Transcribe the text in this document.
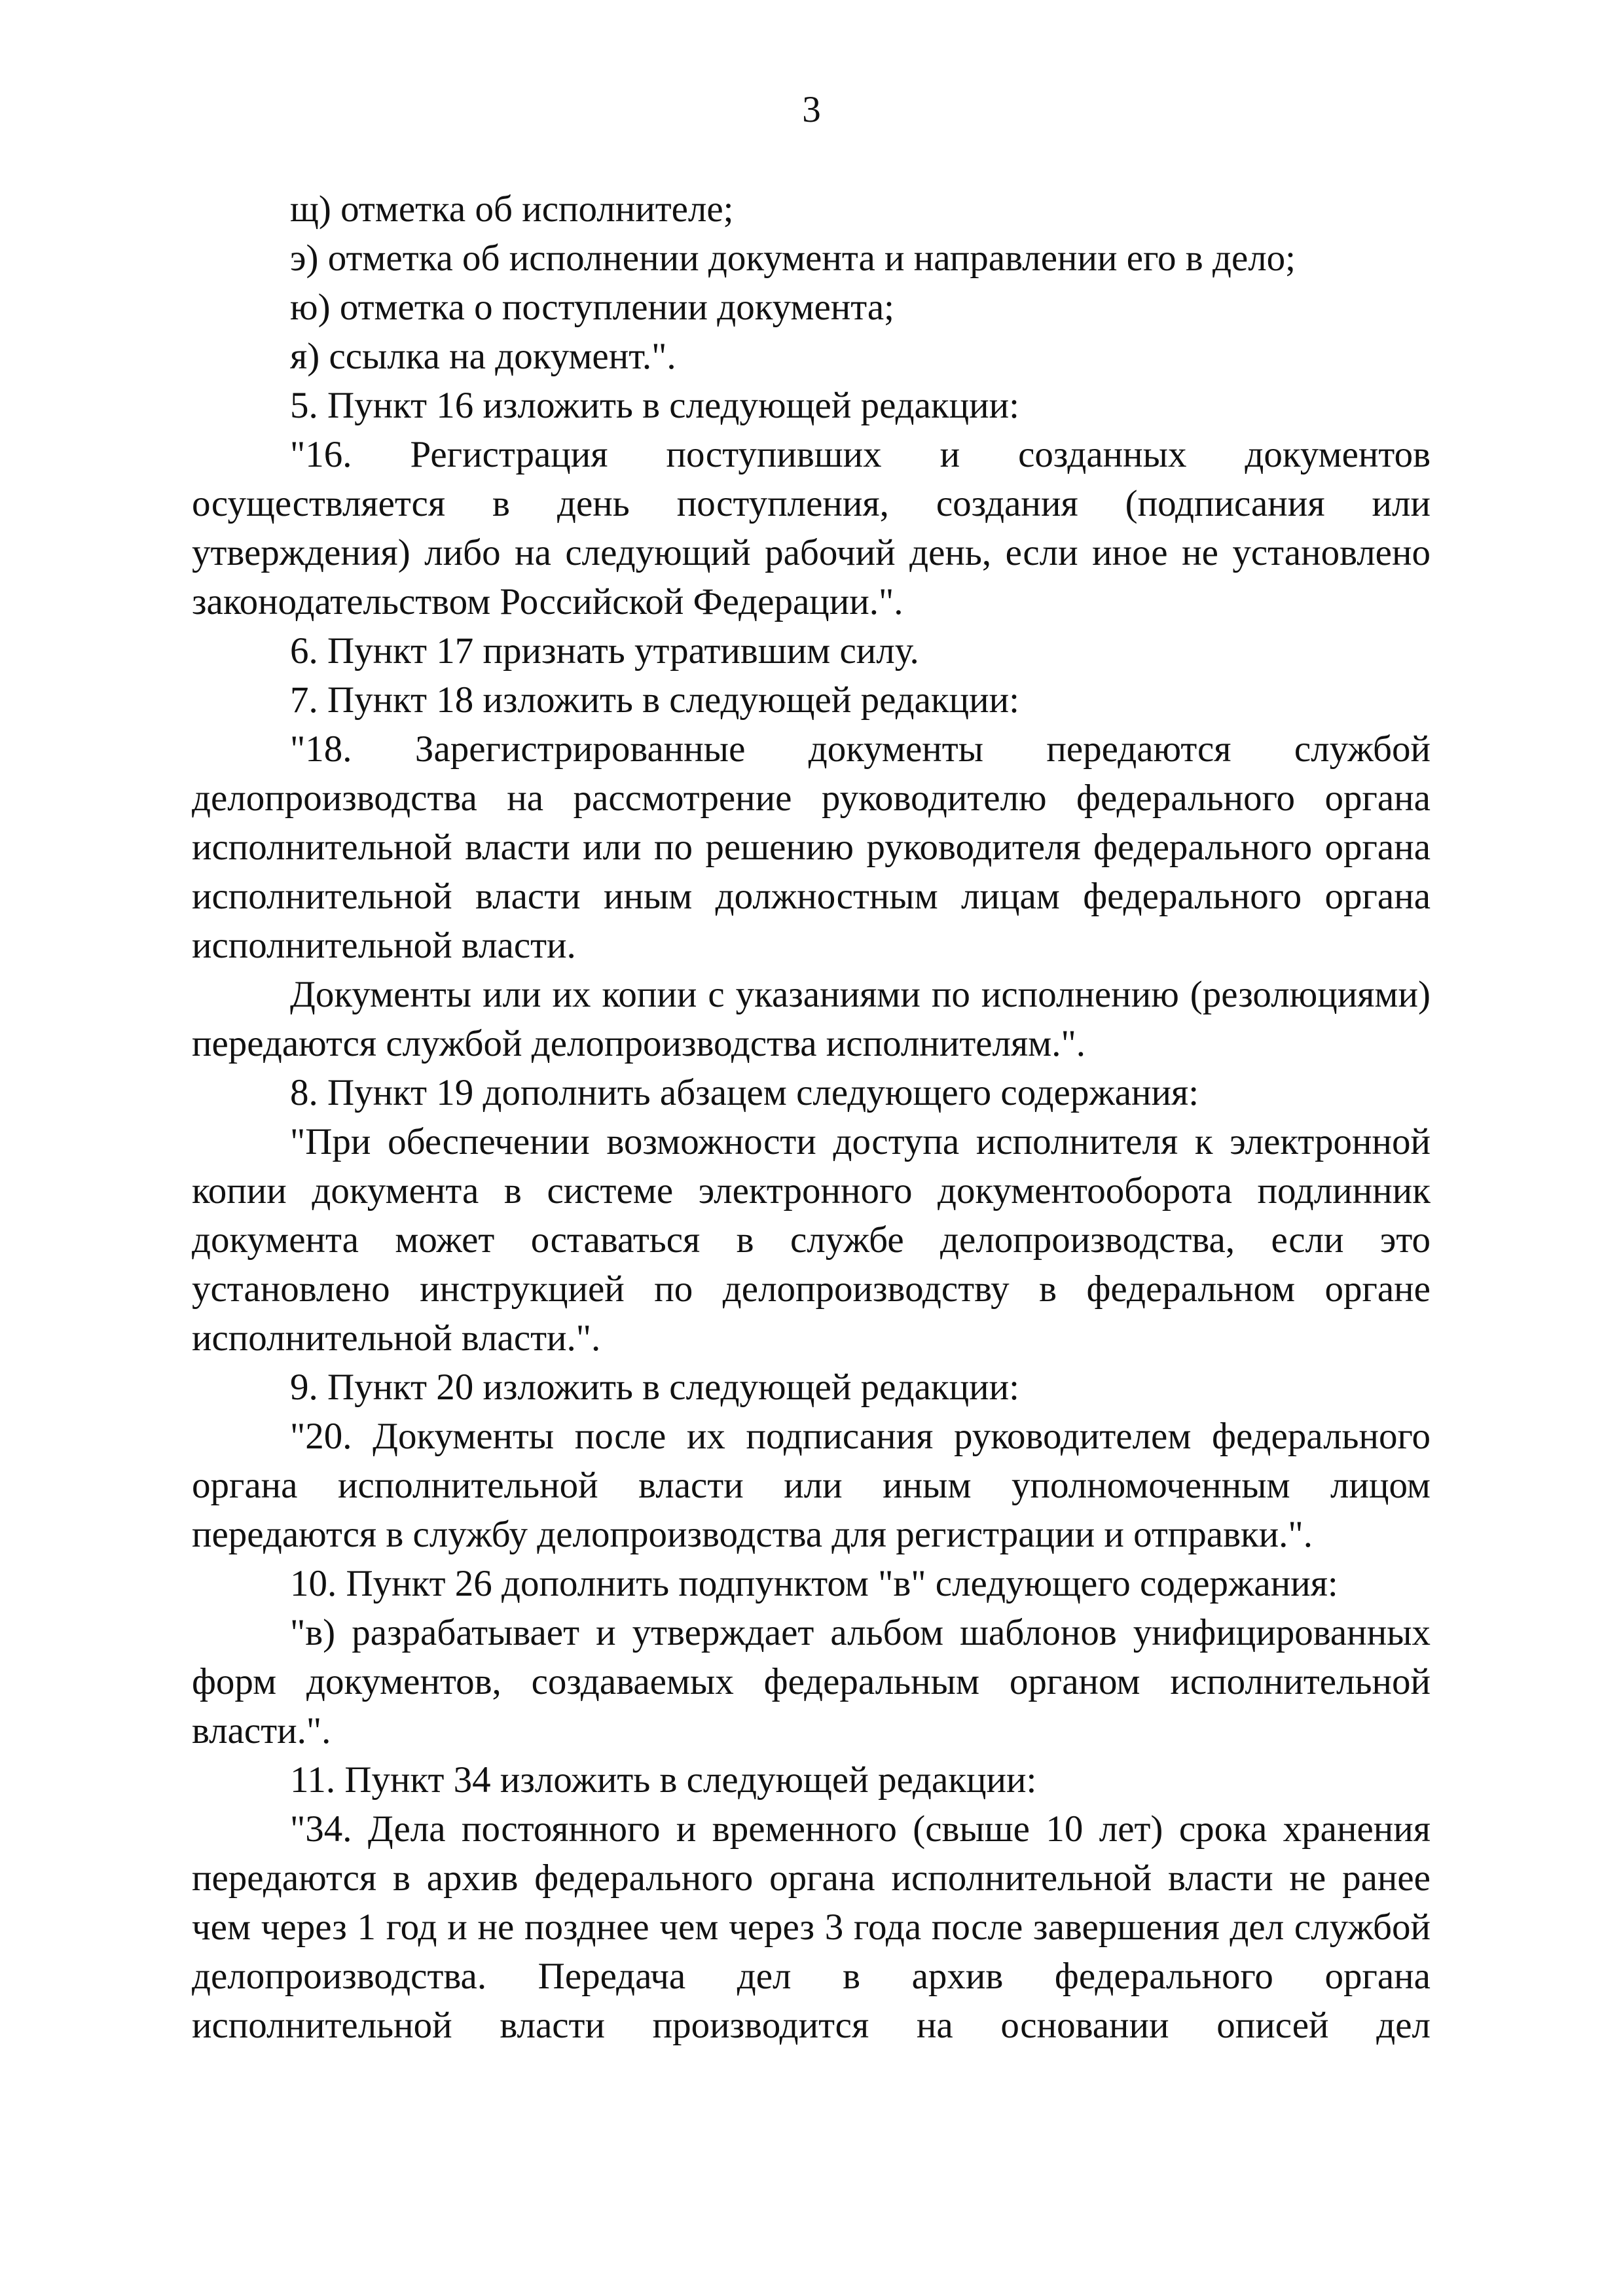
3

щ) отметка об исполнителе;

э) отметка об исполнении документа и направлении его в дело;

ю) отметка о поступлении документа;

я) ссылка на документ.".

5. Пункт 16 изложить в следующей редакции:

"16. Регистрация поступивших и созданных документов осуществляется в день поступления, создания (подписания или утверждения) либо на следующий рабочий день, если иное не установлено законодательством Российской Федерации.".

6. Пункт 17 признать утратившим силу.

7. Пункт 18 изложить в следующей редакции:

"18. Зарегистрированные документы передаются службой делопроизводства на рассмотрение руководителю федерального органа исполнительной власти или по решению руководителя федерального органа исполнительной власти иным должностным лицам федерального органа исполнительной власти.

Документы или их копии с указаниями по исполнению (резолюциями) передаются службой делопроизводства исполнителям.".

8. Пункт 19 дополнить абзацем следующего содержания:

"При обеспечении возможности доступа исполнителя к электронной копии документа в системе электронного документооборота подлинник документа может оставаться в службе делопроизводства, если это установлено инструкцией по делопроизводству в федеральном органе исполнительной власти.".

9. Пункт 20 изложить в следующей редакции:

"20. Документы после их подписания руководителем федерального органа исполнительной власти или иным уполномоченным лицом передаются в службу делопроизводства для регистрации и отправки.".

10. Пункт 26 дополнить подпунктом "в" следующего содержания:

"в) разрабатывает и утверждает альбом шаблонов унифицированных форм документов, создаваемых федеральным органом исполнительной власти.".

11. Пункт 34 изложить в следующей редакции:

"34. Дела постоянного и временного (свыше 10 лет) срока хранения передаются в архив федерального органа исполнительной власти не ранее чем через 1 год и не позднее чем через 3 года после завершения дел службой делопроизводства. Передача дел в архив федерального органа исполнительной власти производится на основании описей дел
